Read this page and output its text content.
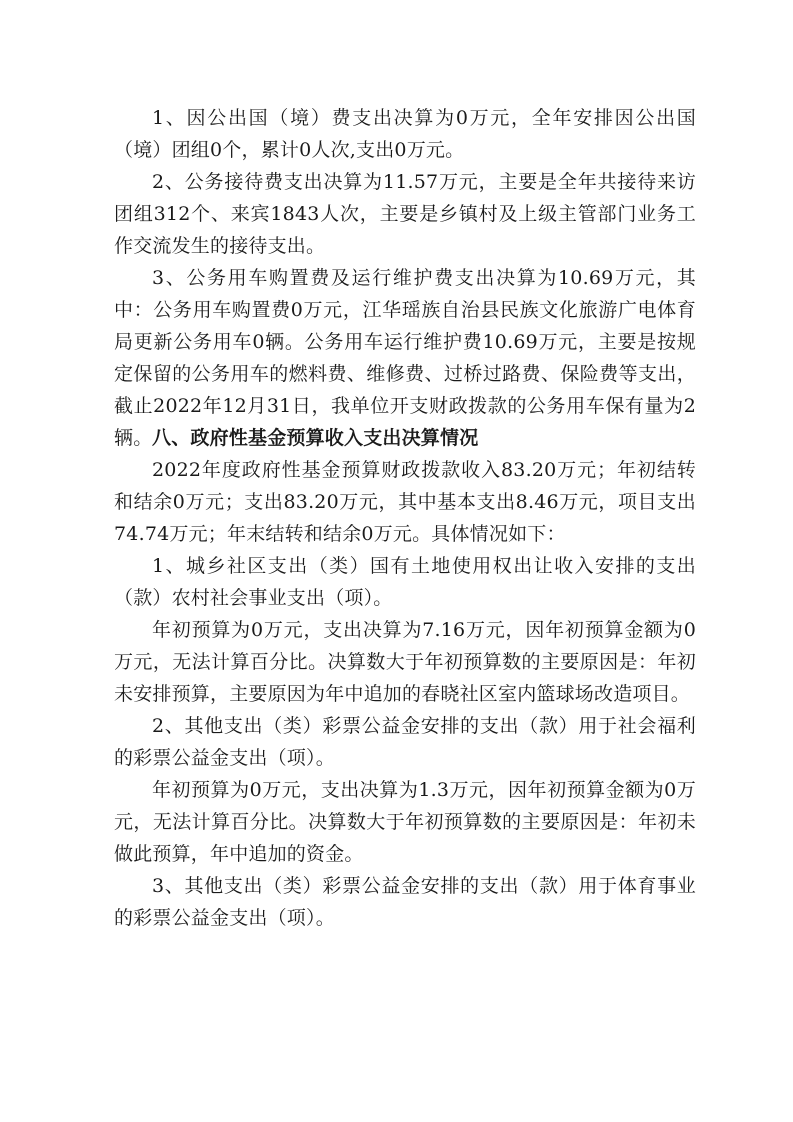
1、因公出国（境）费支出决算为0万元，全年安排因公出国（境）团组0个，累计0人次,支出0万元。

2、公务接待费支出决算为11.57万元，主要是全年共接待来访团组312个、来宾1843人次，主要是乡镇村及上级主管部门业务工作交流发生的接待支出。

3、公务用车购置费及运行维护费支出决算为10.69万元，其中：公务用车购置费0万元，江华瑶族自治县民族文化旅游广电体育局更新公务用车0辆。公务用车运行维护费10.69万元，主要是按规定保留的公务用车的燃料费、维修费、过桥过路费、保险费等支出，截止2022年12月31日，我单位开支财政拨款的公务用车保有量为2辆。 八、政府性基金预算收入支出决算情况

2022年度政府性基金预算财政拨款收入83.20万元；年初结转和结余0万元；支出83.20万元，其中基本支出8.46万元，项目支出74.74万元；年末结转和结余0万元。具体情况如下：

1、城乡社区支出（类）国有土地使用权出让收入安排的支出（款）农村社会事业支出（项）。

年初预算为0万元，支出决算为7.16万元，因年初预算金额为0万元，无法计算百分比。决算数大于年初预算数的主要原因是：年初未安排预算，主要原因为年中追加的春晓社区室内篮球场改造项目。

2、其他支出（类）彩票公益金安排的支出（款）用于社会福利的彩票公益金支出（项）。

年初预算为0万元，支出决算为1.3万元，因年初预算金额为0万元，无法计算百分比。决算数大于年初预算数的主要原因是：年初未做此预算，年中追加的资金。

3、其他支出（类）彩票公益金安排的支出（款）用于体育事业的彩票公益金支出（项）。
